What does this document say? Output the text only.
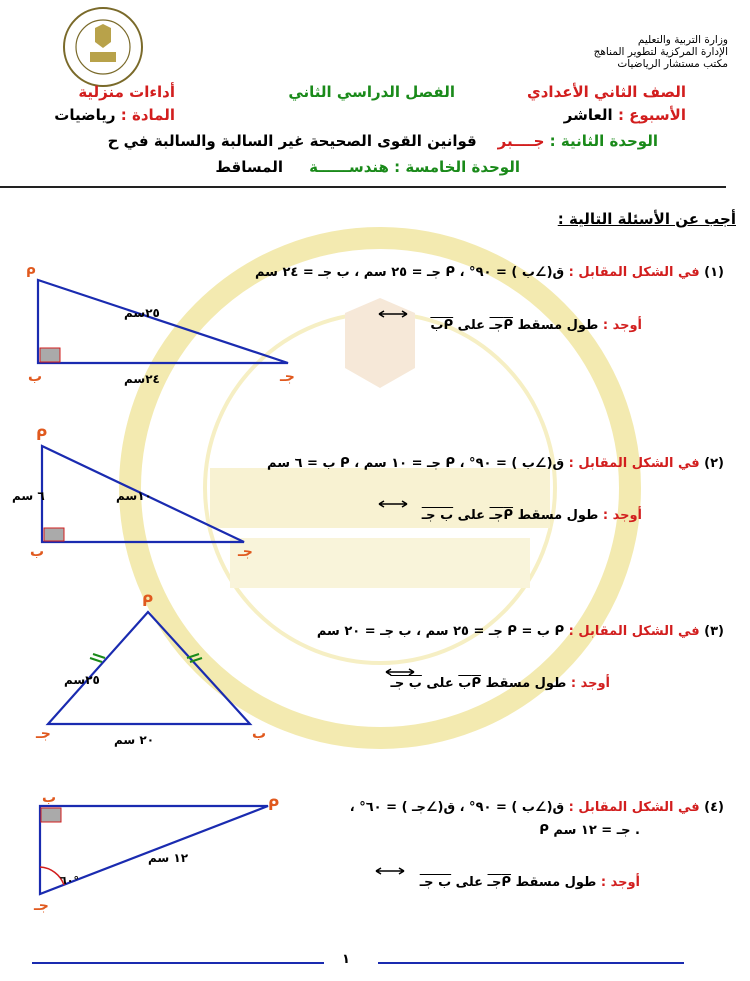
وزارة التربية والتعليم
الإدارة المركزية لتطوير المناهج
مكتب مستشار الرياضيات
الصف الثاني الأعدادي
الفصل الدراسي الثاني
أداءات منزلية
الأسبوع : العاشر
المادة : رياضيات
الوحدة الثانية : جــــبر    قوانين القوى الصحيحة غير السالبة والسالبة في ح
الوحدة الخامسة : هندســــــة     المساقط
أجب عن الأسئلة التالية :
(١) في الشكل المقابل : ق(∠ب ) = ٩٠° ، ᑭ جـ = ٢٥ سم ، ب جـ = ٢٤ سم
أوجد : طول مسقط ᑭجـ على ᑭب
ᑭ
ب	جـ
٢٥سم
٢٤سم
(٢) في الشكل المقابل : ق(∠ب ) = ٩٠° ، ᑭ جـ = ١٠ سم ، ᑭ ب = ٦ سم
أوجد : طول مسقط ᑭجـ على ب جـ
ᑭ
ب	جـ
١٠سم
٦ سم
(٣) في الشكل المقابل : ᑭ ب = ᑭ جـ = ٢٥ سم ، ب جـ = ٢٠ سم
أوجد : طول مسقط ᑭب على ب جـ
ᑭ
جـ	ب
٢٥سم
٢٠ سم
(٤) في الشكل المقابل : ق(∠ب ) = ٩٠° ، ق(∠جـ ) = ٦٠° ،
ᑭ جـ = ١٢ سم .
أوجد : طول مسقط ᑭجـ على ب جـ
ب	ᑭ
جـ
١٢ سم
٦٠°
١
